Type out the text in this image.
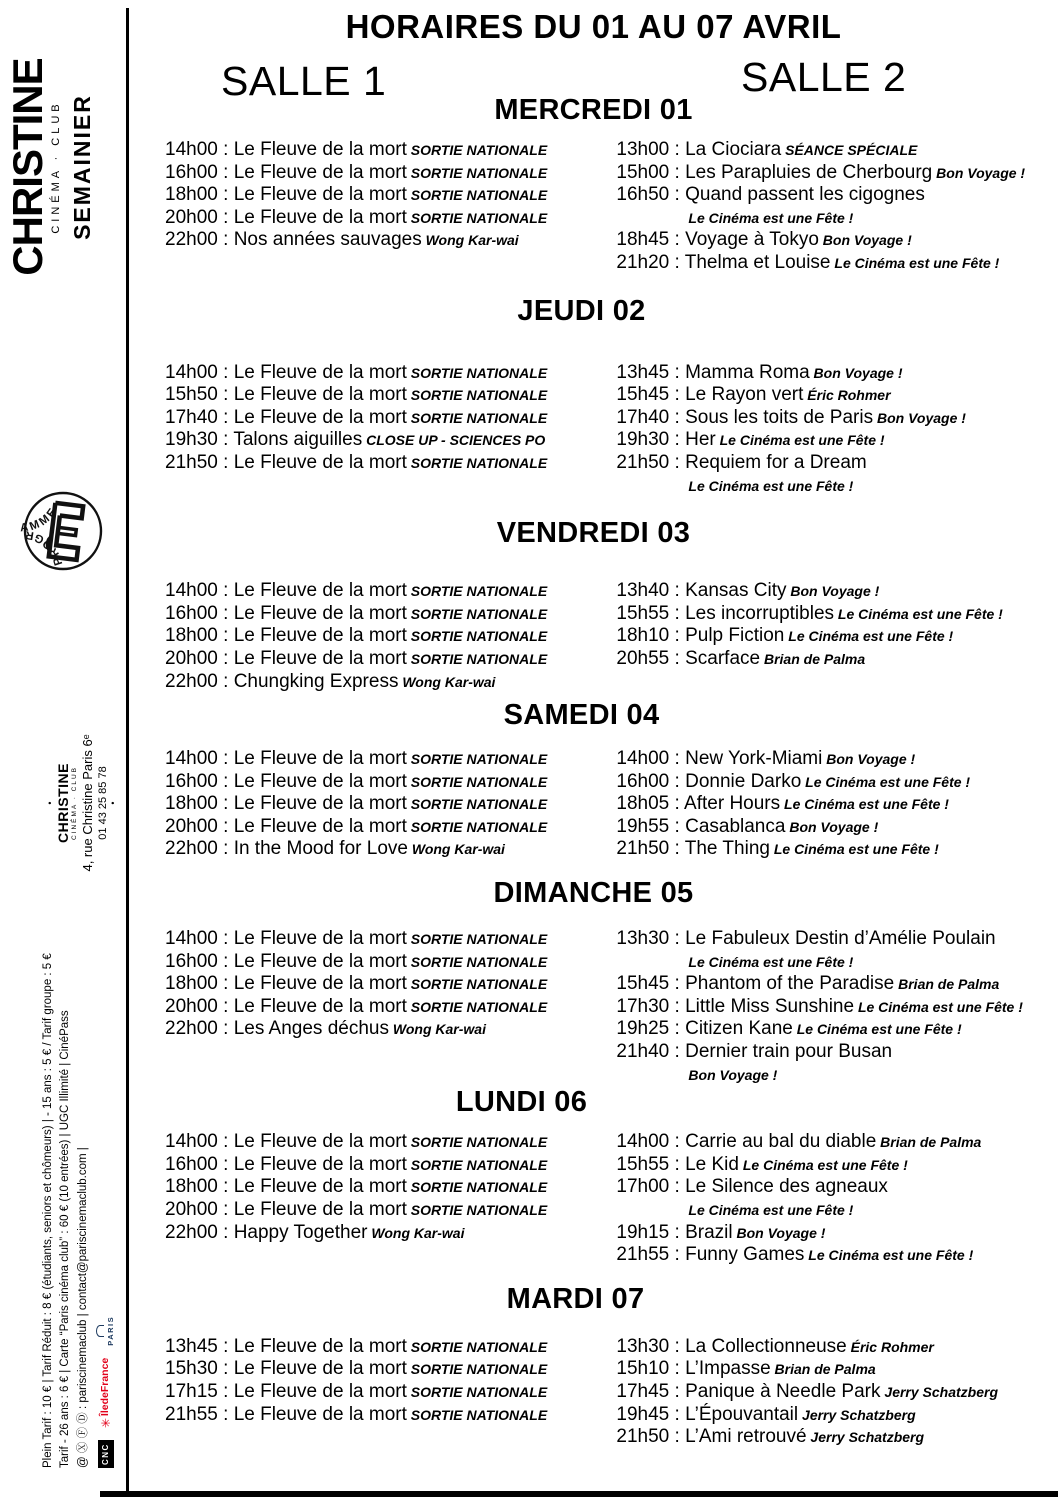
CHRISTINE
CINÉMA · CLUB SEMAINIER
PROGRAMME
• CHRISTINE CINÉMA · CLUB 4, rue Christine Paris 6ᵉ 01 43 25 85 78 •
Plein Tarif : 10 € | Tarif Réduit : 8 € (étudiants, seniors et chômeurs) | - 15 ans : 5 € / Tarif groupe : 5 € Tarif - 26 ans : 6 € | Carte “Paris cinéma club” : 60 € (10 entrées) | UGC Illimité | CinéPass @ Ⓧ Ⓕ Ⓓ : pariscinemaclub | contact@pariscinemaclub.com |	CNC
✳
ÎledeFrance
PARIS
HORAIRES DU 01 AU 07 AVRIL
SALLE 1	SALLE 2
MERCREDI 01
14h00 : Le Fleuve de la mort SORTIE NATIONALE
16h00 : Le Fleuve de la mort SORTIE NATIONALE
18h00 : Le Fleuve de la mort SORTIE NATIONALE
20h00 : Le Fleuve de la mort SORTIE NATIONALE
22h00 : Nos années sauvages Wong Kar-wai
13h00 : La Ciociara SÉANCE SPÉCIALE
15h00 : Les Parapluies de Cherbourg Bon Voyage !
16h50 : Quand passent les cigognes
Le Cinéma est une Fête !
18h45 : Voyage à Tokyo Bon Voyage !
21h20 : Thelma et Louise Le Cinéma est une Fête !
JEUDI 02
14h00 : Le Fleuve de la mort SORTIE NATIONALE
15h50 : Le Fleuve de la mort SORTIE NATIONALE
17h40 : Le Fleuve de la mort SORTIE NATIONALE
19h30 : Talons aiguilles CLOSE UP - SCIENCES PO
21h50 : Le Fleuve de la mort SORTIE NATIONALE
13h45 : Mamma Roma Bon Voyage !
15h45 : Le Rayon vert Éric Rohmer
17h40 : Sous les toits de Paris Bon Voyage !
19h30 : Her Le Cinéma est une Fête !
21h50 : Requiem for a Dream
Le Cinéma est une Fête !
VENDREDI 03
14h00 : Le Fleuve de la mort SORTIE NATIONALE
16h00 : Le Fleuve de la mort SORTIE NATIONALE
18h00 : Le Fleuve de la mort SORTIE NATIONALE
20h00 : Le Fleuve de la mort SORTIE NATIONALE
22h00 : Chungking Express Wong Kar-wai
13h40 : Kansas City Bon Voyage !
15h55 : Les incorruptibles Le Cinéma est une Fête !
18h10 : Pulp Fiction Le Cinéma est une Fête !
20h55 : Scarface Brian de Palma
SAMEDI 04
14h00 : Le Fleuve de la mort SORTIE NATIONALE
16h00 : Le Fleuve de la mort SORTIE NATIONALE
18h00 : Le Fleuve de la mort SORTIE NATIONALE
20h00 : Le Fleuve de la mort SORTIE NATIONALE
22h00 : In the Mood for Love Wong Kar-wai
14h00 : New York-Miami Bon Voyage !
16h00 : Donnie Darko Le Cinéma est une Fête !
18h05 : After Hours Le Cinéma est une Fête !
19h55 : Casablanca Bon Voyage !
21h50 : The Thing Le Cinéma est une Fête !
DIMANCHE 05
14h00 : Le Fleuve de la mort SORTIE NATIONALE
16h00 : Le Fleuve de la mort SORTIE NATIONALE
18h00 : Le Fleuve de la mort SORTIE NATIONALE
20h00 : Le Fleuve de la mort SORTIE NATIONALE
22h00 : Les Anges déchus Wong Kar-wai
13h30 : Le Fabuleux Destin d’Amélie Poulain
Le Cinéma est une Fête !
15h45 : Phantom of the Paradise Brian de Palma
17h30 : Little Miss Sunshine Le Cinéma est une Fête !
19h25 : Citizen Kane Le Cinéma est une Fête !
21h40 : Dernier train pour Busan
Bon Voyage !
LUNDI 06
14h00 : Le Fleuve de la mort SORTIE NATIONALE
16h00 : Le Fleuve de la mort SORTIE NATIONALE
18h00 : Le Fleuve de la mort SORTIE NATIONALE
20h00 : Le Fleuve de la mort SORTIE NATIONALE
22h00 : Happy Together Wong Kar-wai
14h00 : Carrie au bal du diable Brian de Palma
15h55 : Le Kid Le Cinéma est une Fête !
17h00 : Le Silence des agneaux
Le Cinéma est une Fête !
19h15 : Brazil Bon Voyage !
21h55 : Funny Games Le Cinéma est une Fête !
MARDI 07
13h45 : Le Fleuve de la mort SORTIE NATIONALE
15h30 : Le Fleuve de la mort SORTIE NATIONALE
17h15 : Le Fleuve de la mort SORTIE NATIONALE
21h55 : Le Fleuve de la mort SORTIE NATIONALE
13h30 : La Collectionneuse Éric Rohmer
15h10 : L’Impasse Brian de Palma
17h45 : Panique à Needle Park Jerry Schatzberg
19h45 : L’Épouvantail Jerry Schatzberg
21h50 : L’Ami retrouvé Jerry Schatzberg
